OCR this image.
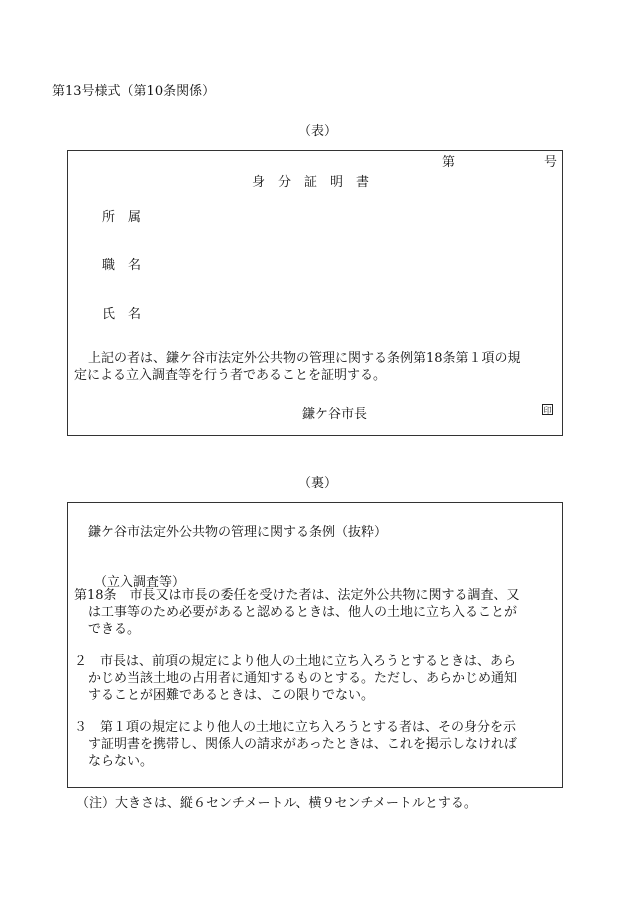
第13号様式（第10条関係）
（表）
第	号
身　分　証　明　書
所　属
職　名
氏　名
上記の者は、鎌ケ谷市法定外公共物の管理に関する条例第18条第１項の規
定による立入調査等を行う者であることを証明する。
鎌ケ谷市長	印
（裏）
鎌ケ谷市法定外公共物の管理に関する条例（抜粋）
（立入調査等）
第18条　市長又は市長の委任を受けた者は、法定外公共物に関する調査、又
は工事等のため必要があると認めるときは、他人の土地に立ち入ることが
できる。
２　市長は、前項の規定により他人の土地に立ち入ろうとするときは、あら
かじめ当該土地の占用者に通知するものとする。ただし、あらかじめ通知
することが困難であるときは、この限りでない。
３　第１項の規定により他人の土地に立ち入ろうとする者は、その身分を示
す証明書を携帯し、関係人の請求があったときは、これを掲示しなければ
ならない。
（注）大きさは、縦６センチメートル、横９センチメートルとする。
